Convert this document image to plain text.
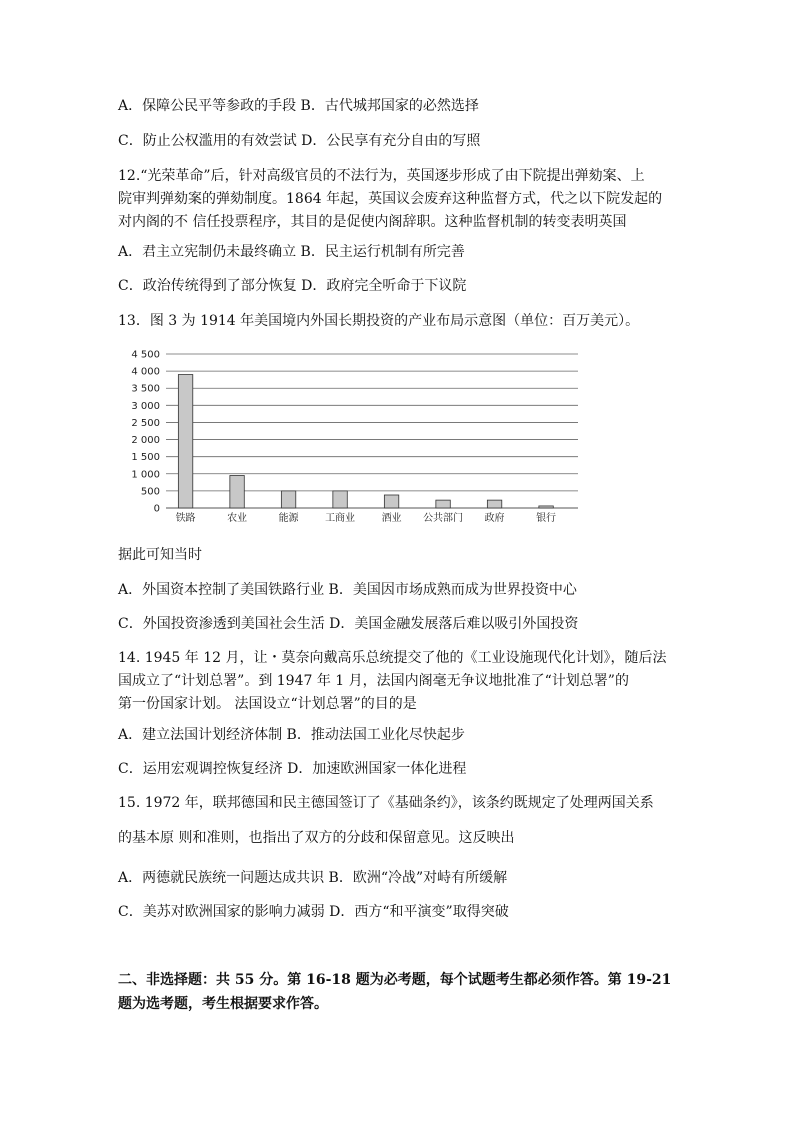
A．保障公民平等参政的手段 B．古代城邦国家的必然选择
C．防止公权滥用的有效尝试 D．公民享有充分自由的写照
12.“光荣革命”后，针对高级官员的不法行为，英国逐步形成了由下院提出弹劾案、上
院审判弹劾案的弹劾制度。1864 年起，英国议会废弃这种监督方式，代之以下院发起的
对内阁的不 信任投票程序，其目的是促使内阁辞职。这种监督机制的转变表明英国
A．君主立宪制仍未最终确立 B．民主运行机制有所完善
C．政治传统得到了部分恢复 D．政府完全听命于下议院
13．图 3 为 1914 年美国境内外国长期投资的产业布局示意图（单位：百万美元）。
0
500
1 000
1 500
2 000
2 500
3 000
3 500
4 000
4 500
铁路	农业	能源	工商业	酒业 公共部门 政府	银行
据此可知当时
A．外国资本控制了美国铁路行业 B．美国因市场成熟而成为世界投资中心
C．外国投资渗透到美国社会生活 D．美国金融发展落后难以吸引外国投资
14. 1945 年 12 月，让・莫奈向戴高乐总统提交了他的《工业设施现代化计划》，随后法
国成立了“计划总署”。到 1947 年 1 月，法国内阁毫无争议地批准了“计划总署”的
第一份国家计划。 法国设立“计划总署”的目的是
A．建立法国计划经济体制 B．推动法国工业化尽快起步
C．运用宏观调控恢复经济 D．加速欧洲国家一体化进程
15. 1972 年，联邦德国和民主德国签订了《基础条约》，该条约既规定了处理两国关系
的基本原 则和准则，也指出了双方的分歧和保留意见。这反映出
A．两德就民族统一问题达成共识 B．欧洲“冷战”对峙有所缓解
C．美苏对欧洲国家的影响力减弱 D．西方“和平演变”取得突破
二、非选择题：共 55 分。第 16-18 题为必考题，每个试题考生都必须作答。第 19-21
题为选考题，考生根据要求作答。
